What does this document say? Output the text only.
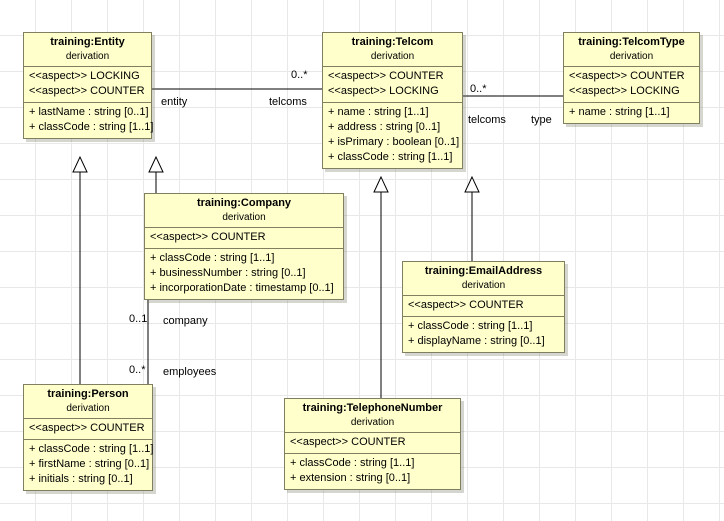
training:Entity
derivation
<<aspect>> LOCKING
<<aspect>> COUNTER
+ lastName : string [0..1]
+ classCode : string [1..1]
training:Telcom
derivation
<<aspect>> COUNTER
<<aspect>> LOCKING
+ name : string [1..1]
+ address : string [0..1]
+ isPrimary : boolean [0..1]
+ classCode : string [1..1]
training:TelcomType
derivation
<<aspect>> COUNTER
<<aspect>> LOCKING
+ name : string [1..1]
training:Company
derivation
<<aspect>> COUNTER
+ classCode : string [1..1]
+ businessNumber : string [0..1]
+ incorporationDate : timestamp [0..1]
training:EmailAddress
derivation
<<aspect>> COUNTER
+ classCode : string [1..1]
+ displayName : string [0..1]
training:Person
derivation
<<aspect>> COUNTER
+ classCode : string [1..1]
+ firstName : string [0..1]
+ initials : string [0..1]
training:TelephoneNumber
derivation
<<aspect>> COUNTER
+ classCode : string [1..1]
+ extension : string [0..1]
0..*
entity	telcoms
0..*
telcoms type
0..1 company
0..* employees
